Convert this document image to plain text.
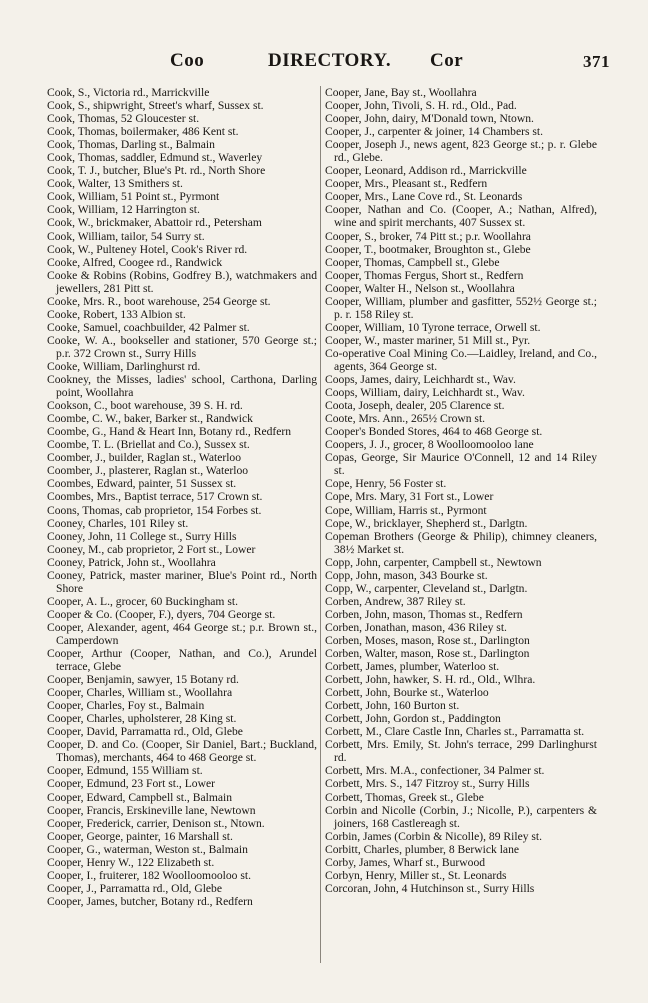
Coo	DIRECTORY. Cor	371
Cook, S., Victoria rd., Marrickville
Cook, S., shipwright, Street's wharf, Sussex st.
Cook, Thomas, 52 Gloucester st.
Cook, Thomas, boilermaker, 486 Kent st.
Cook, Thomas, Darling st., Balmain
Cook, Thomas, saddler, Edmund st., Waverley
Cook, T. J., butcher, Blue's Pt. rd., North Shore
Cook, Walter, 13 Smithers st.
Cook, William, 51 Point st., Pyrmont
Cook, William, 12 Harrington st.
Cook, W., brickmaker, Abattoir rd., Petersham
Cook, William, tailor, 54 Surry st.
Cook, W., Pulteney Hotel, Cook's River rd.
Cooke, Alfred, Coogee rd., Randwick
Cooke & Robins (Robins, Godfrey B.), watchmakers and jewellers, 281 Pitt st.
Cooke, Mrs. R., boot warehouse, 254 George st.
Cooke, Robert, 133 Albion st.
Cooke, Samuel, coachbuilder, 42 Palmer st.
Cooke, W. A., bookseller and stationer, 570 George st.; p.r. 372 Crown st., Surry Hills
Cooke, William, Darlinghurst rd.
Cookney, the Misses, ladies' school, Carthona, Darling point, Woollahra
Cookson, C., boot warehouse, 39 S. H. rd.
Coombe, C. W., baker, Barker st., Randwick
Coombe, G., Hand & Heart Inn, Botany rd., Redfern
Coombe, T. L. (Briellat and Co.), Sussex st.
Coomber, J., builder, Raglan st., Waterloo
Coomber, J., plasterer, Raglan st., Waterloo
Coombes, Edward, painter, 51 Sussex st.
Coombes, Mrs., Baptist terrace, 517 Crown st.
Coons, Thomas, cab proprietor, 154 Forbes st.
Cooney, Charles, 101 Riley st.
Cooney, John, 11 College st., Surry Hills
Cooney, M., cab proprietor, 2 Fort st., Lower
Cooney, Patrick, John st., Woollahra
Cooney, Patrick, master mariner, Blue's Point rd., North Shore
Cooper, A. L., grocer, 60 Buckingham st.
Cooper & Co. (Cooper, F.), dyers, 704 George st.
Cooper, Alexander, agent, 464 George st.; p.r. Brown st., Camperdown
Cooper, Arthur (Cooper, Nathan, and Co.), Arundel terrace, Glebe
Cooper, Benjamin, sawyer, 15 Botany rd.
Cooper, Charles, William st., Woollahra
Cooper, Charles, Foy st., Balmain
Cooper, Charles, upholsterer, 28 King st.
Cooper, David, Parramatta rd., Old, Glebe
Cooper, D. and Co. (Cooper, Sir Daniel, Bart.; Buckland, Thomas), merchants, 464 to 468 George st.
Cooper, Edmund, 155 William st.
Cooper, Edmund, 23 Fort st., Lower
Cooper, Edward, Campbell st., Balmain
Cooper, Francis, Erskineville lane, Newtown
Cooper, Frederick, carrier, Denison st., Ntown.
Cooper, George, painter, 16 Marshall st.
Cooper, G., waterman, Weston st., Balmain
Cooper, Henry W., 122 Elizabeth st.
Cooper, I., fruiterer, 182 Woolloomooloo st.
Cooper, J., Parramatta rd., Old, Glebe
Cooper, James, butcher, Botany rd., Redfern
Cooper, Jane, Bay st., Woollahra
Cooper, John, Tivoli, S. H. rd., Old., Pad.
Cooper, John, dairy, M'Donald town, Ntown.
Cooper, J., carpenter & joiner, 14 Chambers st.
Cooper, Joseph J., news agent, 823 George st.; p. r. Glebe rd., Glebe.
Cooper, Leonard, Addison rd., Marrickville
Cooper, Mrs., Pleasant st., Redfern
Cooper, Mrs., Lane Cove rd., St. Leonards
Cooper, Nathan and Co. (Cooper, A.; Nathan, Alfred), wine and spirit merchants, 407 Sussex st.
Cooper, S., broker, 74 Pitt st.; p.r. Woollahra
Cooper, T., bootmaker, Broughton st., Glebe
Cooper, Thomas, Campbell st., Glebe
Cooper, Thomas Fergus, Short st., Redfern
Cooper, Walter H., Nelson st., Woollahra
Cooper, William, plumber and gasfitter, 552½ George st.; p. r. 158 Riley st.
Cooper, William, 10 Tyrone terrace, Orwell st.
Cooper, W., master mariner, 51 Mill st., Pyr.
Co-operative Coal Mining Co.—Laidley, Ireland, and Co., agents, 364 George st.
Coops, James, dairy, Leichhardt st., Wav.
Coops, William, dairy, Leichhardt st., Wav.
Coota, Joseph, dealer, 205 Clarence st.
Coote, Mrs. Ann., 265½ Crown st.
Cooper's Bonded Stores, 464 to 468 George st.
Coopers, J. J., grocer, 8 Woolloomooloo lane
Copas, George, Sir Maurice O'Connell, 12 and 14 Riley st.
Cope, Henry, 56 Foster st.
Cope, Mrs. Mary, 31 Fort st., Lower
Cope, William, Harris st., Pyrmont
Cope, W., bricklayer, Shepherd st., Darlgtn.
Copeman Brothers (George & Philip), chimney cleaners, 38½ Market st.
Copp, John, carpenter, Campbell st., Newtown
Copp, John, mason, 343 Bourke st.
Copp, W., carpenter, Cleveland st., Darlgtn.
Corben, Andrew, 387 Riley st.
Corben, John, mason, Thomas st., Redfern
Corben, Jonathan, mason, 436 Riley st.
Corben, Moses, mason, Rose st., Darlington
Corben, Walter, mason, Rose st., Darlington
Corbett, James, plumber, Waterloo st.
Corbett, John, hawker, S. H. rd., Old., Wlhra.
Corbett, John, Bourke st., Waterloo
Corbett, John, 160 Burton st.
Corbett, John, Gordon st., Paddington
Corbett, M., Clare Castle Inn, Charles st., Parramatta st.
Corbett, Mrs. Emily, St. John's terrace, 299 Darlinghurst rd.
Corbett, Mrs. M.A., confectioner, 34 Palmer st.
Corbett, Mrs. S., 147 Fitzroy st., Surry Hills
Corbett, Thomas, Greek st., Glebe
Corbin and Nicolle (Corbin, J.; Nicolle, P.), carpenters & joiners, 168 Castlereagh st.
Corbin, James (Corbin & Nicolle), 89 Riley st.
Corbitt, Charles, plumber, 8 Berwick lane
Corby, James, Wharf st., Burwood
Corbyn, Henry, Miller st., St. Leonards
Corcoran, John, 4 Hutchinson st., Surry Hills
